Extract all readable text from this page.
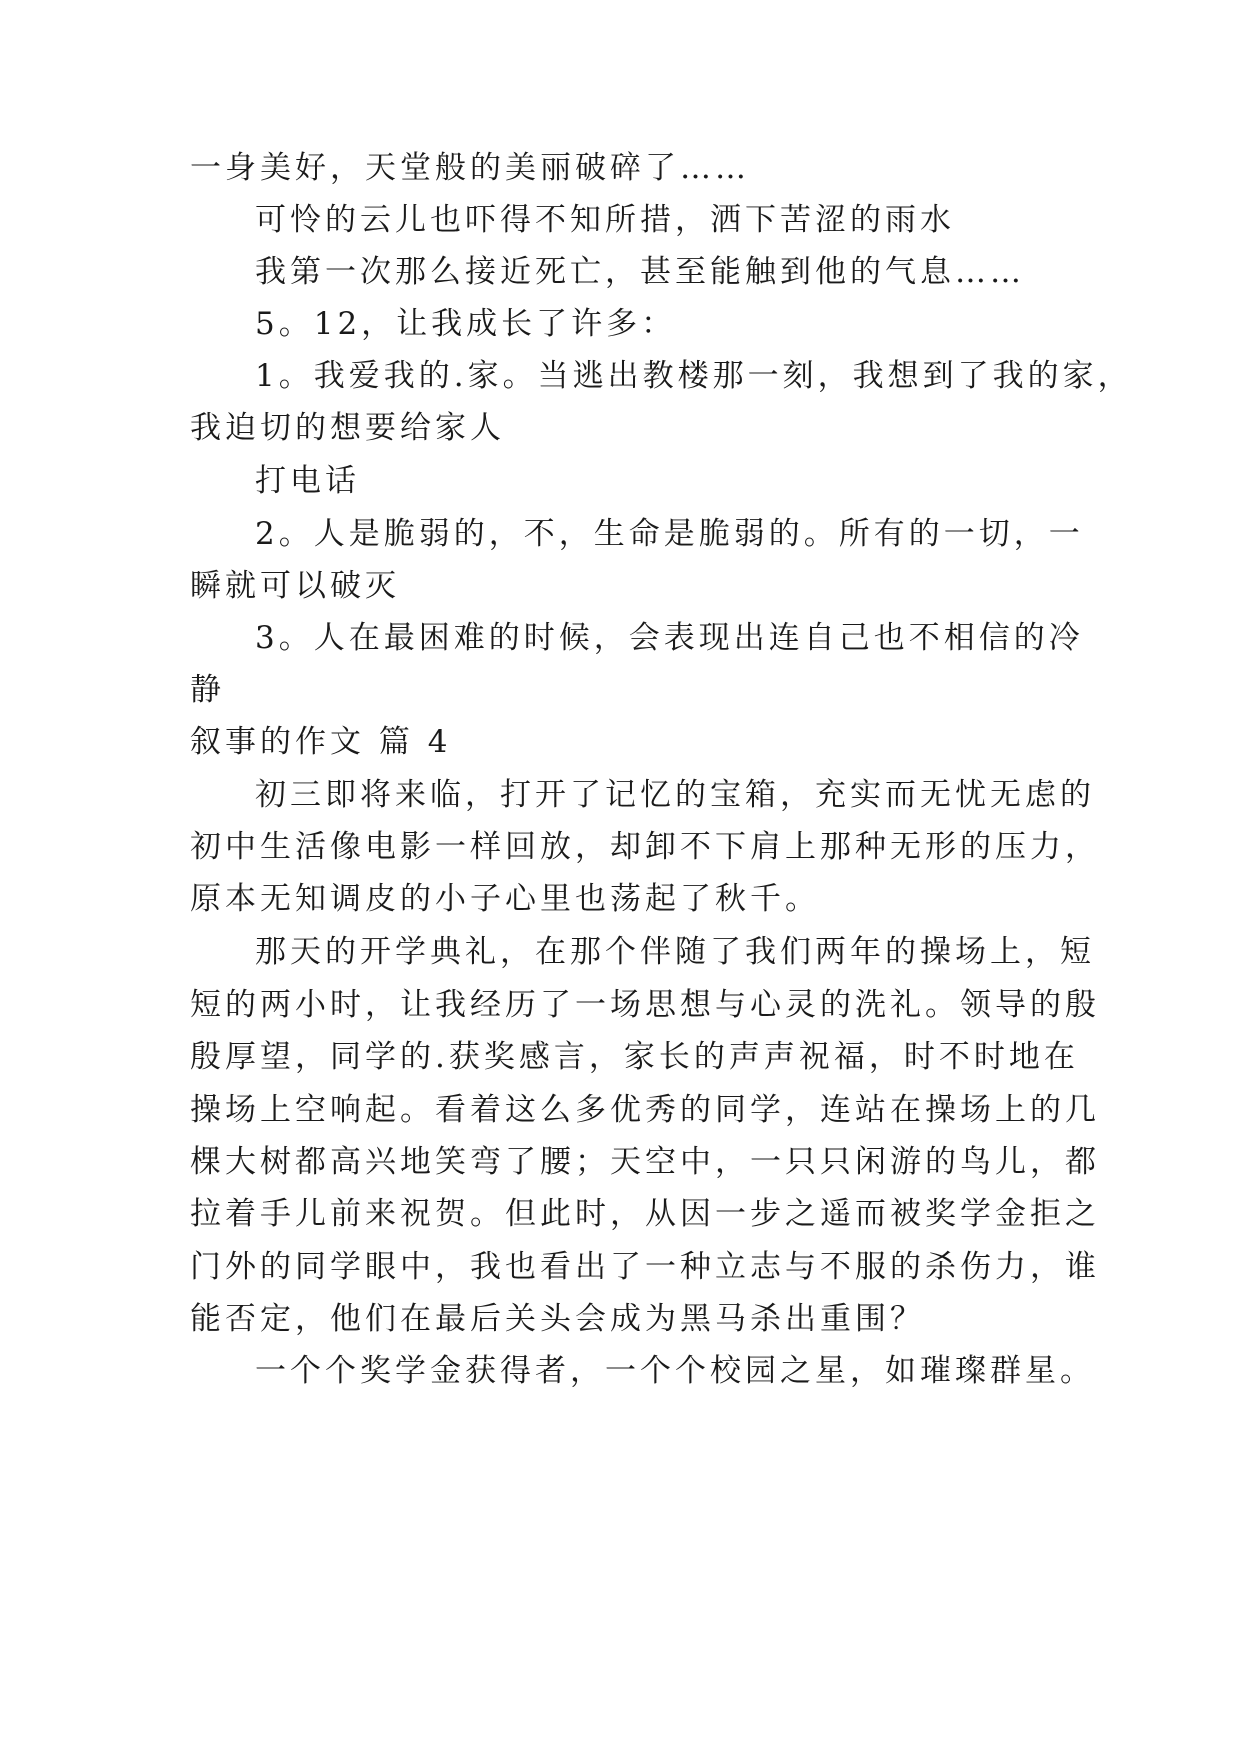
一身美好，天堂般的美丽破碎了……
可怜的云儿也吓得不知所措，洒下苦涩的雨水
我第一次那么接近死亡，甚至能触到他的气息……
5。12，让我成长了许多：
1。我爱我的.家。当逃出教楼那一刻，我想到了我的家，
我迫切的想要给家人
打电话
2。人是脆弱的，不，生命是脆弱的。所有的一切，一
瞬就可以破灭
3。人在最困难的时候，会表现出连自己也不相信的冷
静
叙事的作文 篇 4
初三即将来临，打开了记忆的宝箱，充实而无忧无虑的
初中生活像电影一样回放，却卸不下肩上那种无形的压力，
原本无知调皮的小子心里也荡起了秋千。
那天的开学典礼，在那个伴随了我们两年的操场上，短
短的两小时，让我经历了一场思想与心灵的洗礼。领导的殷
殷厚望，同学的.获奖感言，家长的声声祝福，时不时地在
操场上空响起。看着这么多优秀的同学，连站在操场上的几
棵大树都高兴地笑弯了腰；天空中，一只只闲游的鸟儿，都
拉着手儿前来祝贺。但此时，从因一步之遥而被奖学金拒之
门外的同学眼中，我也看出了一种立志与不服的杀伤力，谁
能否定，他们在最后关头会成为黑马杀出重围？
一个个奖学金获得者，一个个校园之星，如璀璨群星。
